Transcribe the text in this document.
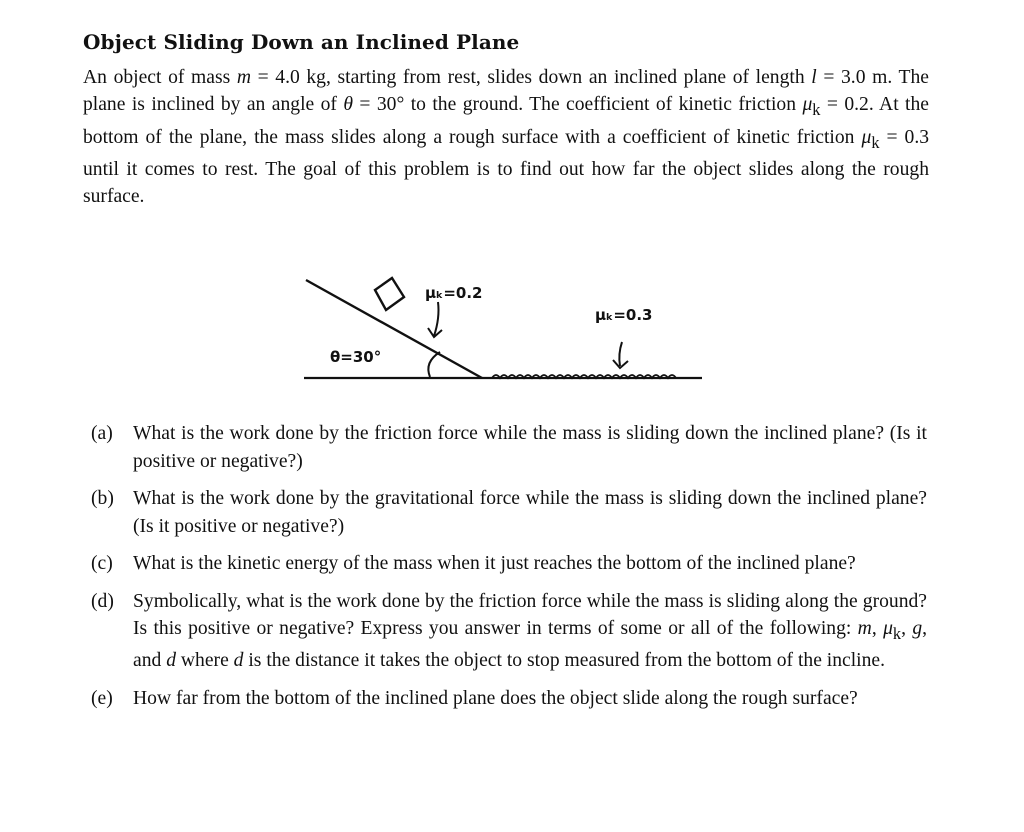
Object Sliding Down an Inclined Plane

An object of mass m = 4.0 kg, starting from rest, slides down an inclined plane of length l = 3.0 m. The plane is inclined by an angle of θ = 30° to the ground. The coefficient of kinetic friction $\mu_k = 0.2$. At the bottom of the plane, the mass slides along a rough surface with a coefficient of kinetic friction $\mu_k = 0.3$ until it comes to rest. The goal of this problem is to find out how far the object slides along the rough surface.

θ=30°
μₖ=0.2
μₖ=0.3
(a) What is the work done by the friction force while the mass is sliding down the inclined plane? (Is it positive or negative?)
(b) What is the work done by the gravitational force while the mass is sliding down the inclined plane? (Is it positive or negative?)
(c) What is the kinetic energy of the mass when it just reaches the bottom of the inclined plane?
(d) Symbolically, what is the work done by the friction force while the mass is sliding along the ground? Is this positive or negative? Express you answer in terms of some or all of the following: m, $\mu_k$, g, and d where d is the distance it takes the object to stop measured from the bottom of the incline.
(e) How far from the bottom of the inclined plane does the object slide along the rough surface?
